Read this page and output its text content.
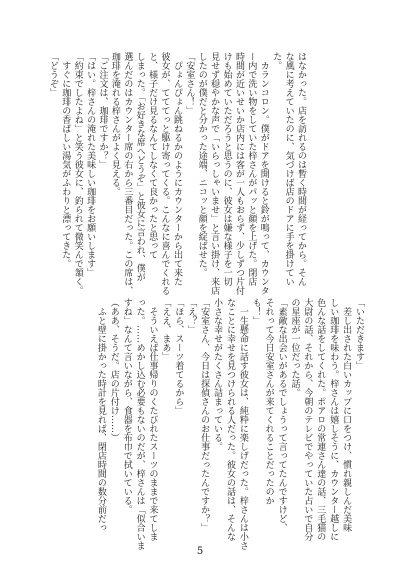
はなかった。店を訪れるのは暫く時間が経ってから。そん
な風に考えていたのに、気づけば店のドアに手を掛けてい
た。
　カランコロン。僕がドアを開けると鈴が鳴って、カウンタ
ー内で洗い物をしていた梓さんがパッと顔を上げた。閉店
時間が近いせいか店内には客が一人もおらず、少しずつ片付
けも始めていただろうと思うのに、彼女は嫌な様子を一切
見せず穏やかな声で「いらっしゃいませ」と言い掛け、来店
したのが僕だと分かった途端、ニコッと顔を綻ばせた。
「安室さん！」
　ぴょんぴょん跳ねるかのようにカウンターから出て来た
彼女が、てててっと駆け寄ってくる。こんなに喜んでくれる
と、様子だけ見るなんてしなくて良かったと思って
しまった。「お好きな席へどうぞ」と彼女に言われ、僕が
選んだのはカウンター席の右から三番目だった。この席は、
珈琲を淹れる梓さんがよく見える。
「ご注文は、珈琲ですか？」
「はい。梓さんの淹れた美味しい珈琲をお願いします」
「約束でしたよね」と笑う彼女に、釣られて微笑んで頷く。
　すぐに珈琲の香ばしい湯気がふわりと漂ってきた。
「どうぞ」
「いただきます」
　差し出された白いカップに口をつけ、慣れ親しんだ美味
しい珈琲を味わう。梓さんは嬉しそうに、カウンター越しに
色んな話をしてくれた。ポアロの常連さん達の話、三毛猫の
大尉の話、それから、今朝のテレビでやっていた占いで自分
の星座が一位だった話。
「素敵な出会いがあるでしょうって言ってたんですけど、
それって今日安室さんが来てくれることだったのか
も！」
　一生懸命に話す彼女は、純粋に楽しげだった。梓さんは小さ
なことに幸せを見つけられる人だった。彼女の話は、そんな
小さな幸せがたくさん詰まっている。
「安室さん、今日は探偵さんのお仕事だったんですか？」
「え？」
「ほら、スーツ着てるから」
「ええ、まあ」
　そういえば仕事帰りのくたびれたスーツのままで来てしま
った。……めかし込む必要もないのだが、梓さんは「似合いま
すね」なんて言いながら、食器を布巾で拭いている。
（ああ、そうだ。店の片付け……）
　ふと壁に掛かった時計を見れば、閉店時間の数分前だっ
5
